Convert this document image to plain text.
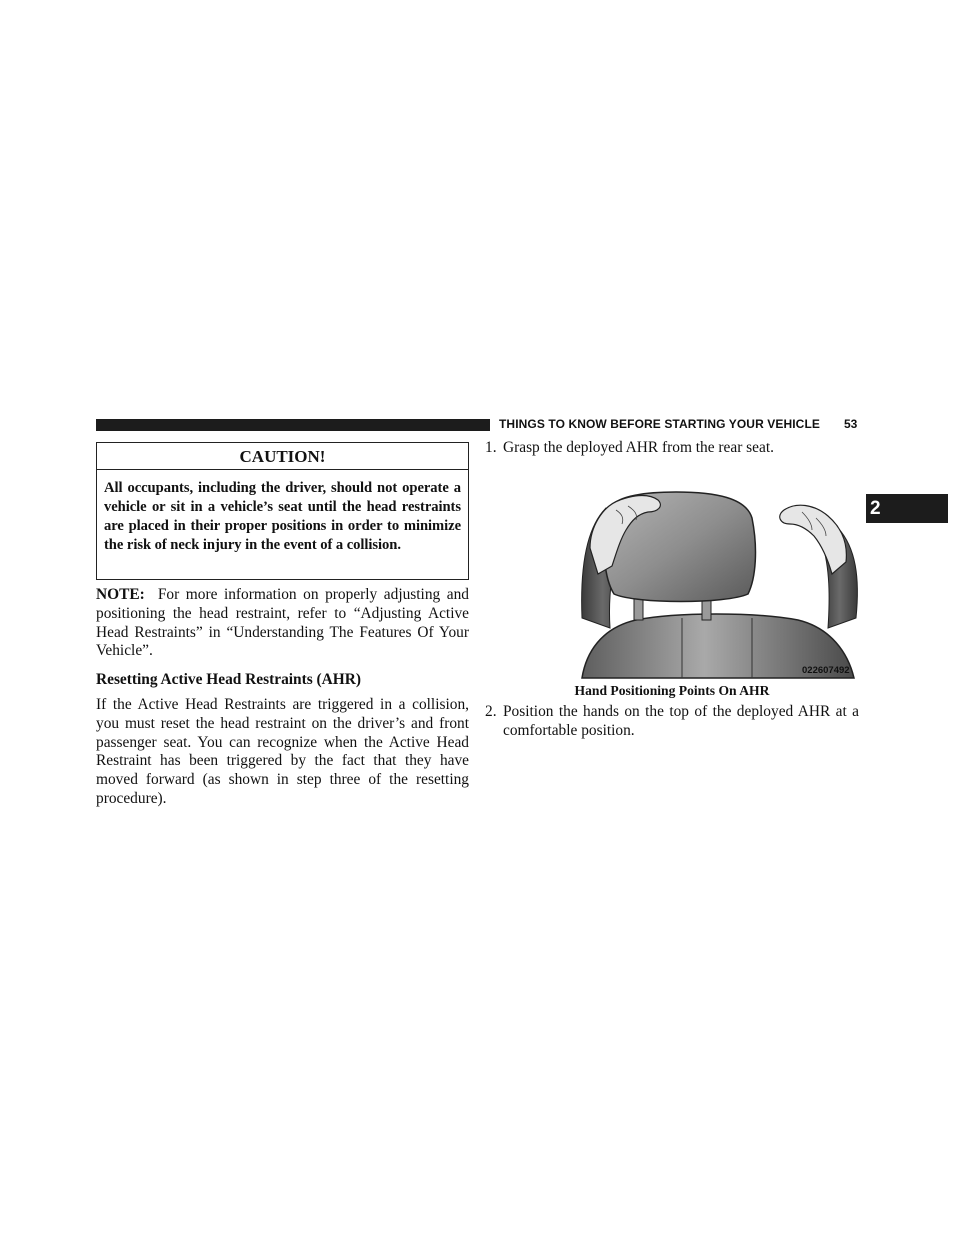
THINGS TO KNOW BEFORE STARTING YOUR VEHICLE 53
2
CAUTION!
All occupants, including the driver, should not operate a vehicle or sit in a vehicle’s seat until the head restraints are placed in their proper positions in order to minimize the risk of neck injury in the event of a collision.

NOTE: For more information on properly adjusting and positioning the head restraint, refer to “Adjusting Active Head Restraints” in “Understanding The Features Of Your Vehicle”.

Resetting Active Head Restraints (AHR)

If the Active Head Restraints are triggered in a collision, you must reset the head restraint on the driver’s and front passenger seat. You can recognize when the Active Head Restraint has been triggered by the fact that they have moved forward (as shown in step three of the resetting procedure).

1. Grasp the deployed AHR from the rear seat.
022607492
Hand Positioning Points On AHR
2. Position the hands on the top of the deployed AHR at a comfortable position.
